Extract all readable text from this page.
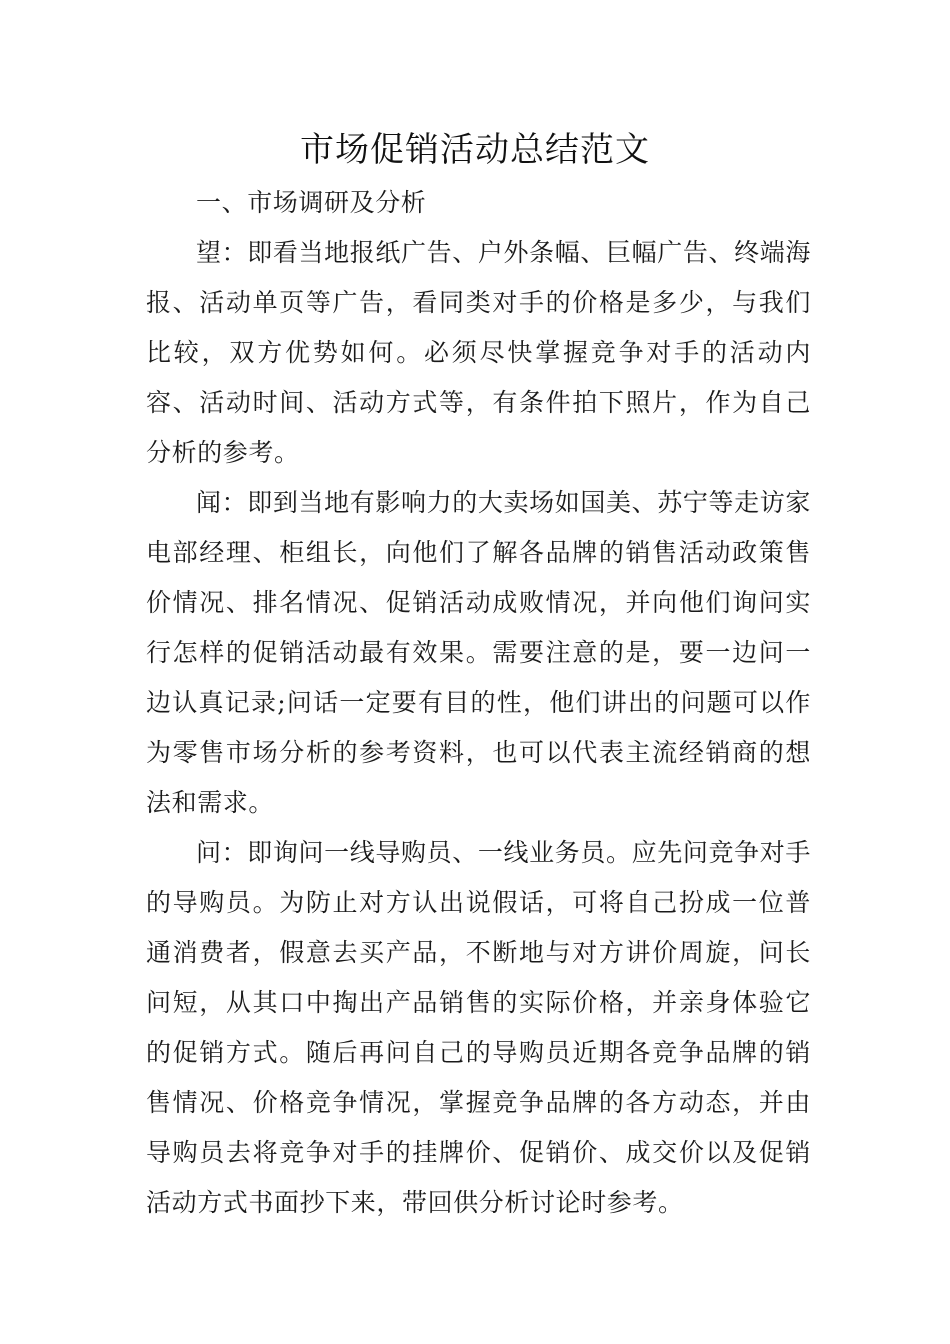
市场促销活动总结范文

一、市场调研及分析

望：即看当地报纸广告、户外条幅、巨幅广告、终端海报、活动单页等广告，看同类对手的价格是多少，与我们比较，双方优势如何。必须尽快掌握竞争对手的活动内容、活动时间、活动方式等，有条件拍下照片，作为自己分析的参考。

闻：即到当地有影响力的大卖场如国美、苏宁等走访家电部经理、柜组长，向他们了解各品牌的销售活动政策售价情况、排名情况、促销活动成败情况，并向他们询问实行怎样的促销活动最有效果。需要注意的是，要一边问一边认真记录;问话一定要有目的性，他们讲出的问题可以作为零售市场分析的参考资料，也可以代表主流经销商的想法和需求。

问：即询问一线导购员、一线业务员。应先问竞争对手的导购员。为防止对方认出说假话，可将自己扮成一位普通消费者，假意去买产品，不断地与对方讲价周旋，问长问短，从其口中掏出产品销售的实际价格，并亲身体验它的促销方式。随后再问自己的导购员近期各竞争品牌的销售情况、价格竞争情况，掌握竞争品牌的各方动态，并由导购员去将竞争对手的挂牌价、促销价、成交价以及促销活动方式书面抄下来，带回供分析讨论时参考。
